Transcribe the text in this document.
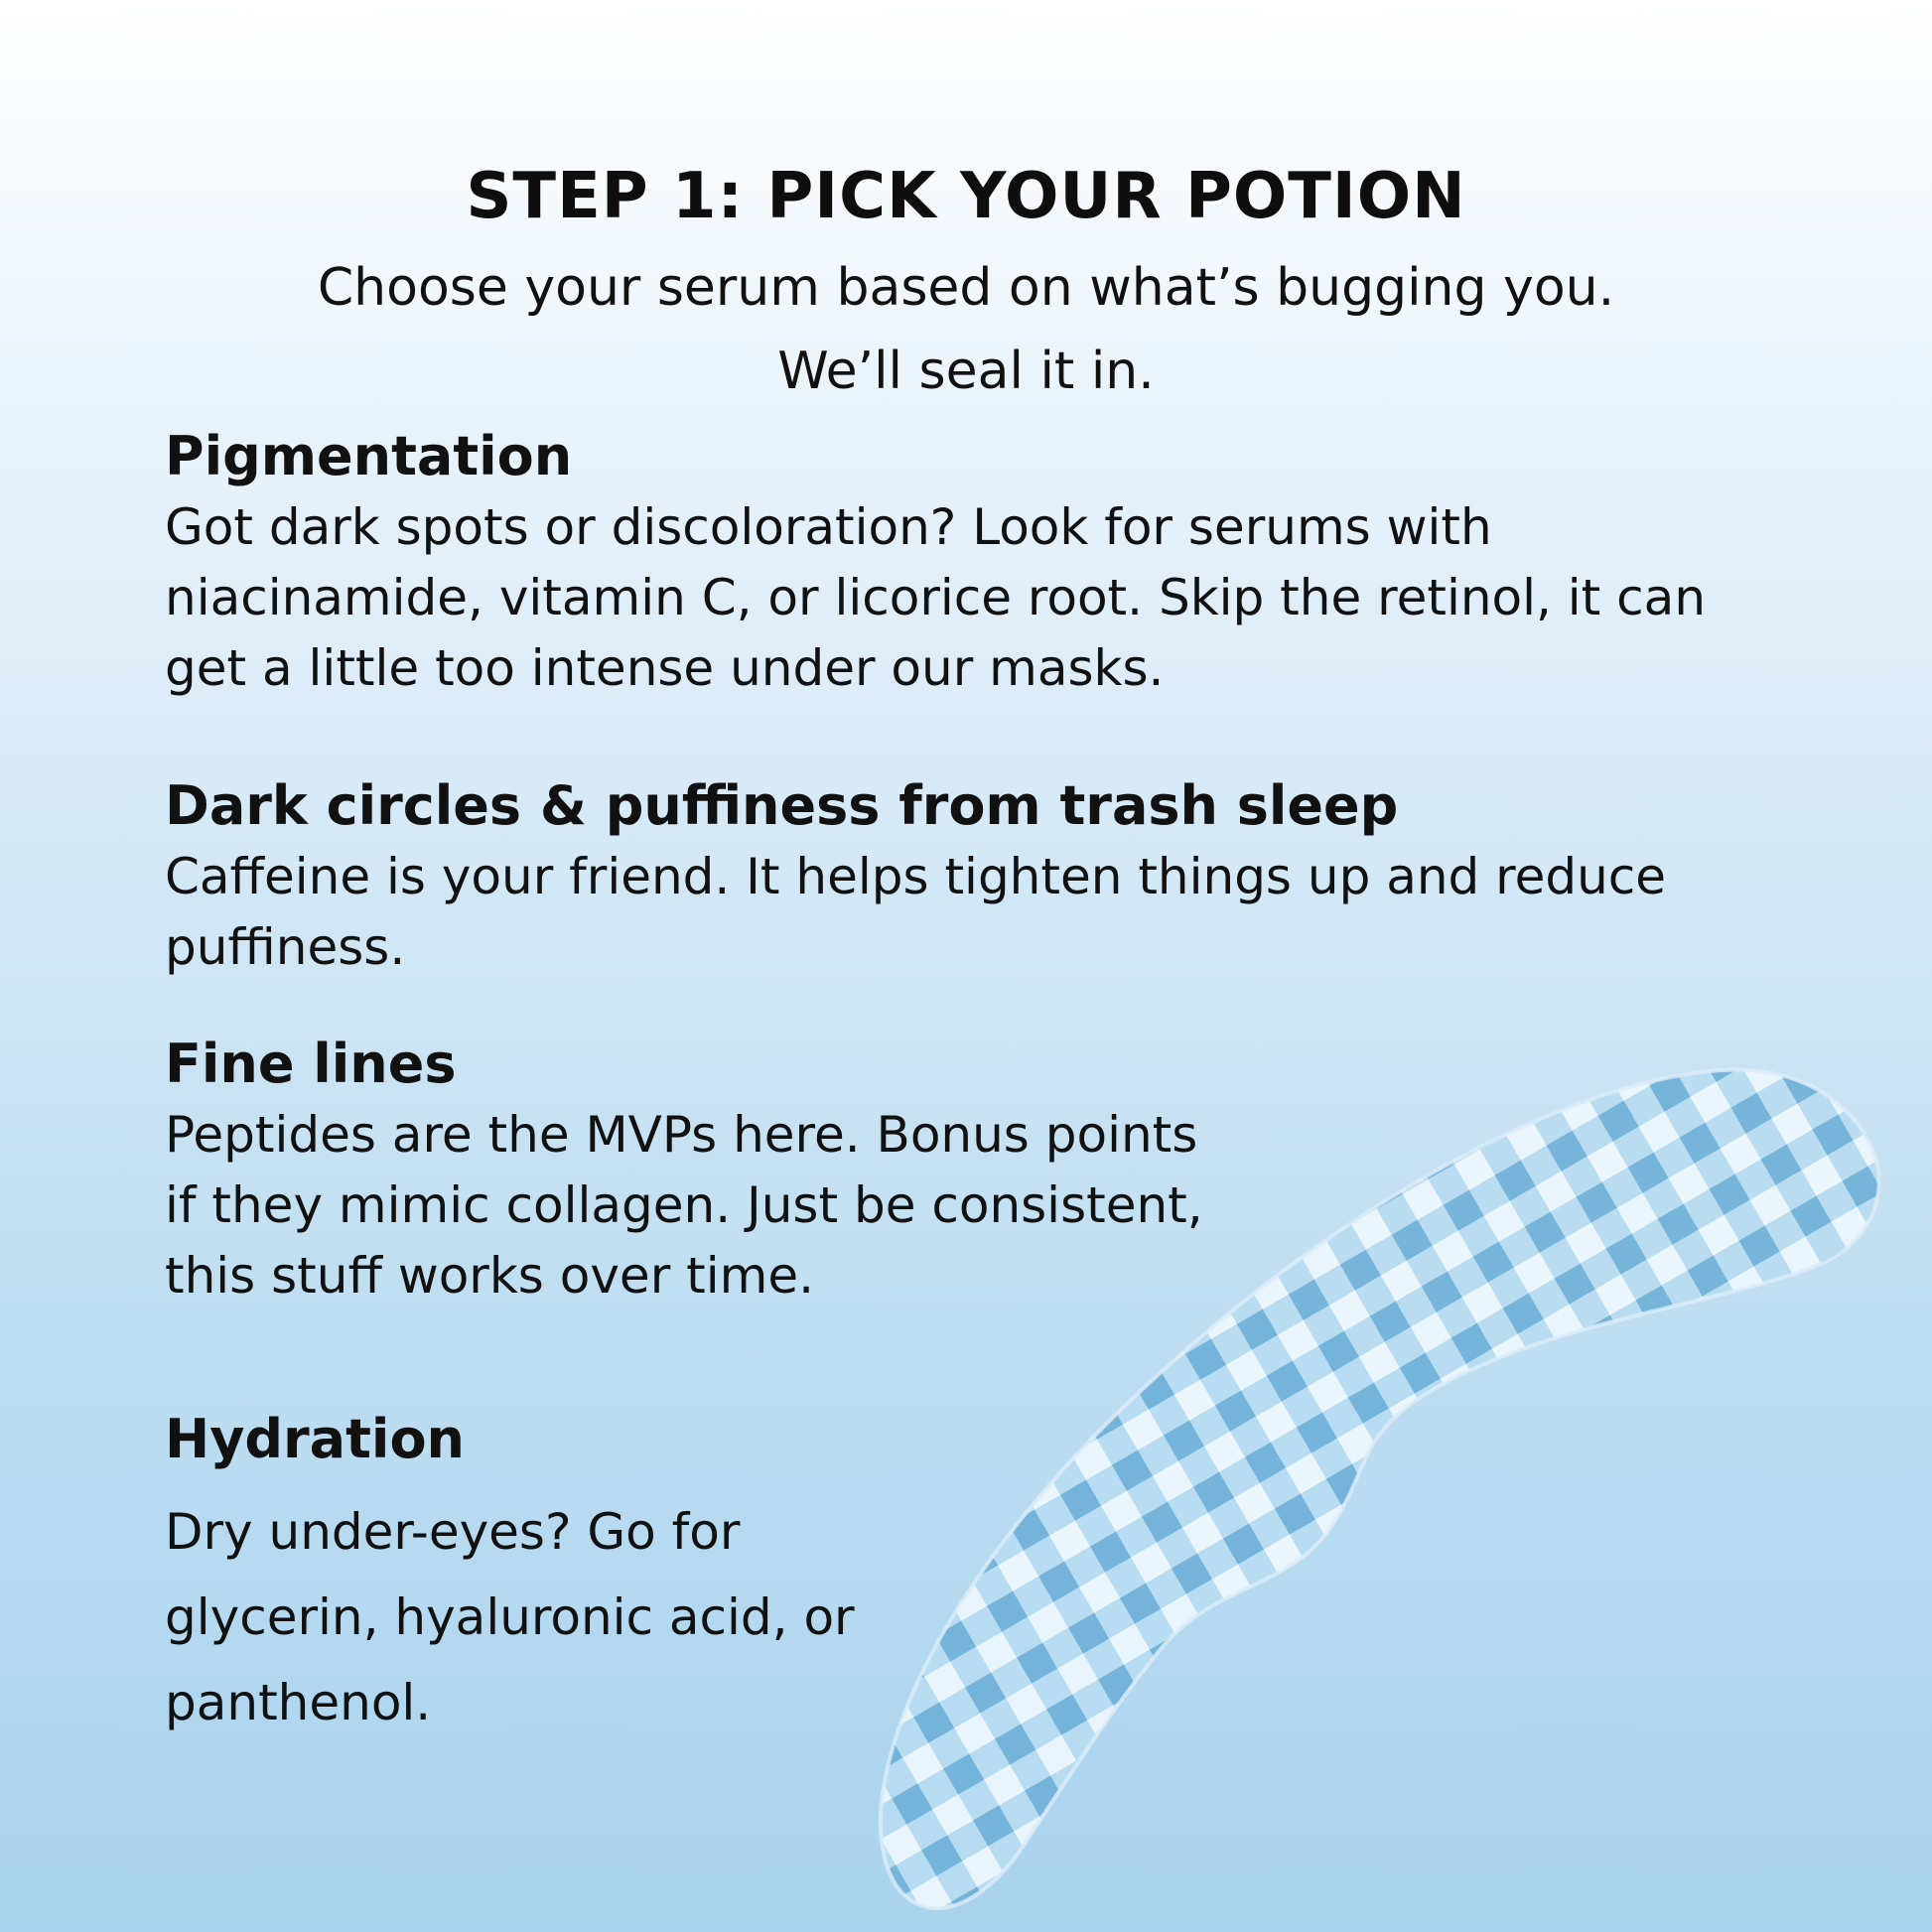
STEP 1: PICK YOUR POTION
Choose your serum based on what’s bugging you.
We’ll seal it in.
Pigmentation

Got dark spots or discoloration? Look for serums with niacinamide, vitamin C, or licorice root. Skip the retinol, it can get a little too intense under our masks.

Dark circles & puffiness from trash sleep

Caffeine is your friend. It helps tighten things up and reduce puffiness.

Fine lines

Peptides are the MVPs here. Bonus points if they mimic collagen. Just be consistent, this stuff works over time.

Hydration

Dry under-eyes? Go for glycerin, hyaluronic acid, or panthenol.
